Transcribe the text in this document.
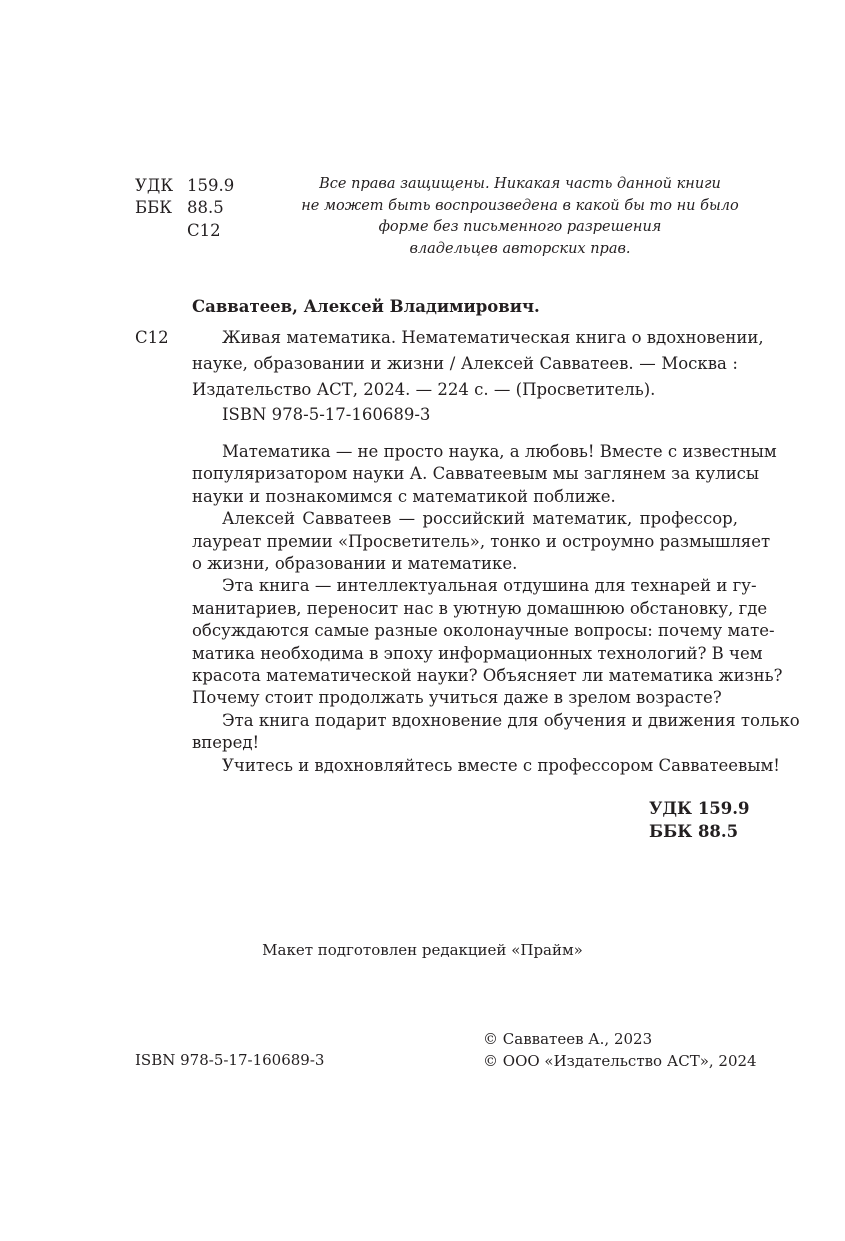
УДК 159.9
ББК 88.5
С12
Все права защищены. Никакая часть данной книги
не может быть воспроизведена в какой бы то ни было
форме без письменного разрешения
владельцев авторских прав.
Савватеев, Алексей Владимирович.
С12	Живая математика. Нематематическая книга о вдохновении,
науке, образовании и жизни / Алексей Савватеев. — Москва :
Издательство АСТ, 2024. — 224 с. — (Просветитель).
ISBN 978-5-17-160689-3

Математика — не просто наука, а любовь! Вместе с известным
популяризатором науки А. Савватеевым мы заглянем за кулисы
науки и познакомимся с математикой поближе.

Алексей Савватеев — российский математик, профессор,
лауреат премии «Просветитель», тонко и остроумно размышляет
о жизни, образовании и математике.

Эта книга — интеллектуальная отдушина для технарей и гу-
манитариев, переносит нас в уютную домашнюю обстановку, где
обсуждаются самые разные околонаучные вопросы: почему мате-
матика необходима в эпоху информационных технологий? В чем
красота математической науки? Объясняет ли математика жизнь?
Почему стоит продолжать учиться даже в зрелом возрасте?

Эта книга подарит вдохновение для обучения и движения только
вперед!

Учитесь и вдохновляйтесь вместе с профессором Савватеевым!

УДК 159.9
ББК 88.5
Макет подготовлен редакцией «Прайм»
© Савватеев А., 2023
© ООО «Издательство АСТ», 2024
ISBN 978-5-17-160689-3
